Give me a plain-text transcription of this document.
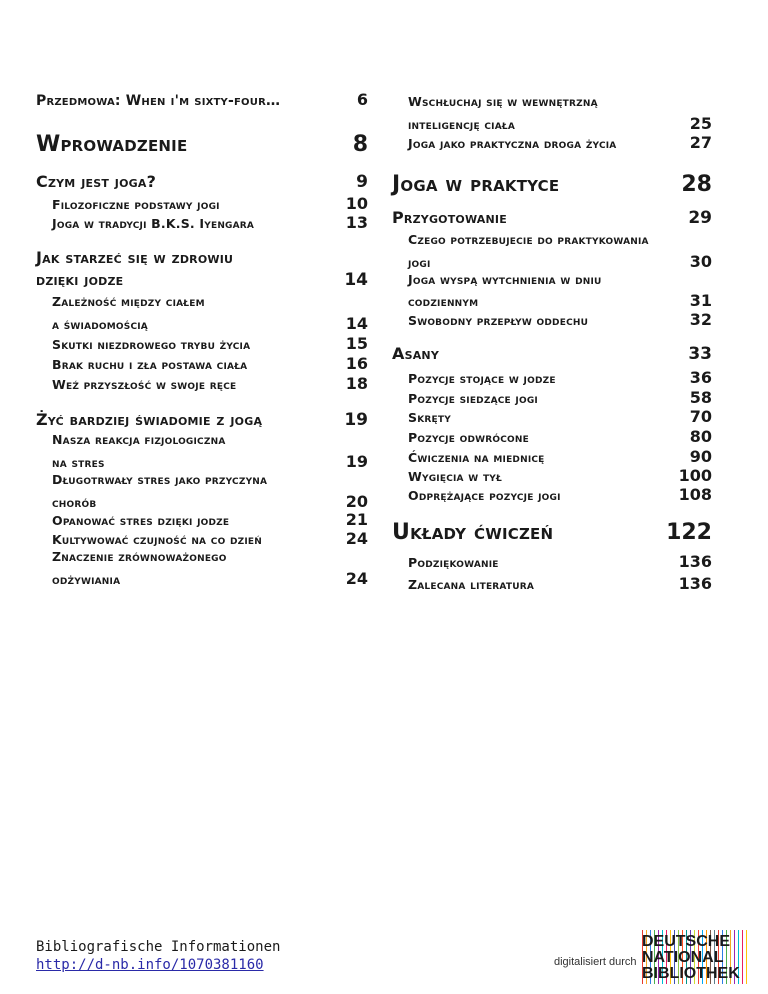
Przedmowa: When i'm sixty-four…	6
Wprowadzenie	8
Czym jest joga?	9
Filozoficzne podstawy jogi	10
Joga w tradycji B.K.S. Iyengara	13
Jak starzeć się w zdrowiu
dzięki jodze	14
Zależność między ciałem
a świadomością	14
Skutki niezdrowego trybu życia	15
Brak ruchu i zła postawa ciała	16
Weź przyszłość w swoje ręce	18
Żyć bardziej świadomie z jogą	19
Nasza reakcja fizjologiczna
na stres	19
Długotrwały stres jako przyczyna
chorób	20
Opanować stres dzięki jodze	21
Kultywować czujność na co dzień	24
Znaczenie zrównoważonego
odżywiania	24
Wschłuchaj się w wewnętrzną
inteligencję ciała	25
Joga jako praktyczna droga życia	27
Joga w praktyce	28
Przygotowanie	29
Czego potrzebujecie do praktykowania
jogi	30
Joga wyspą wytchnienia w dniu
codziennym	31
Swobodny przepływ oddechu	32
Asany	33
Pozycje stojące w jodze	36
Pozycje siedzące jogi	58
Skręty	70
Pozycje odwrócone	80
Ćwiczenia na miednicę	90
Wygięcia w tył	100
Odprężające pozycje jogi	108
Układy ćwiczeń	122
Podziękowanie	136
Zalecana literatura	136
Bibliografische Informationen
http://d-nb.info/1070381160	digitalisiert durch
DEUTSCHE
NATIONAL
BIBLIOTHEK
